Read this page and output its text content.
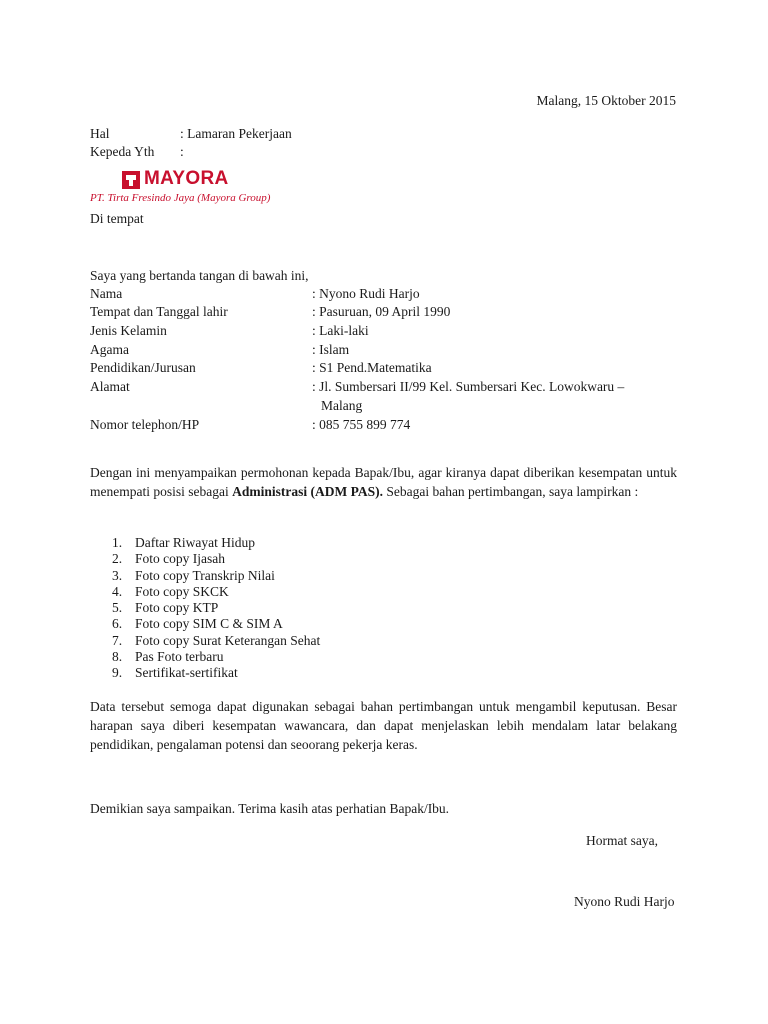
Malang, 15 Oktober 2015
Hal	: Lamaran Pekerjaan
Kepeda Yth :
MAYORA
PT. Tirta Fresindo Jaya (Mayora Group)
Di tempat
Saya yang bertanda tangan di bawah ini,
Nama	: Nyono Rudi Harjo
Tempat dan Tanggal lahir	: Pasuruan, 09 April 1990
Jenis Kelamin	: Laki-laki
Agama	: Islam
Pendidikan/Jurusan	: S1 Pend.Matematika
Alamat	: Jl. Sumbersari II/99 Kel. Sumbersari Kec. Lowokwaru –
Malang
Nomor telephon/HP	: 085 755 899 774
Dengan ini menyampaikan permohonan kepada Bapak/Ibu, agar kiranya dapat diberikan kesempatan untuk menempati posisi sebagai Administrasi (ADM PAS). Sebagai bahan pertimbangan, saya lampirkan :
1. Daftar Riwayat Hidup
2. Foto copy Ijasah
3. Foto copy Transkrip Nilai
4. Foto copy SKCK
5. Foto copy KTP
6. Foto copy SIM C & SIM A
7. Foto copy Surat Keterangan Sehat
8. Pas Foto terbaru
9. Sertifikat-sertifikat
Data tersebut semoga dapat digunakan sebagai bahan pertimbangan untuk mengambil keputusan. Besar harapan saya diberi kesempatan wawancara, dan dapat menjelaskan lebih mendalam latar belakang pendidikan, pengalaman potensi dan seoorang pekerja keras.
Demikian saya sampaikan. Terima kasih atas perhatian Bapak/Ibu.
Hormat saya,
Nyono Rudi Harjo
